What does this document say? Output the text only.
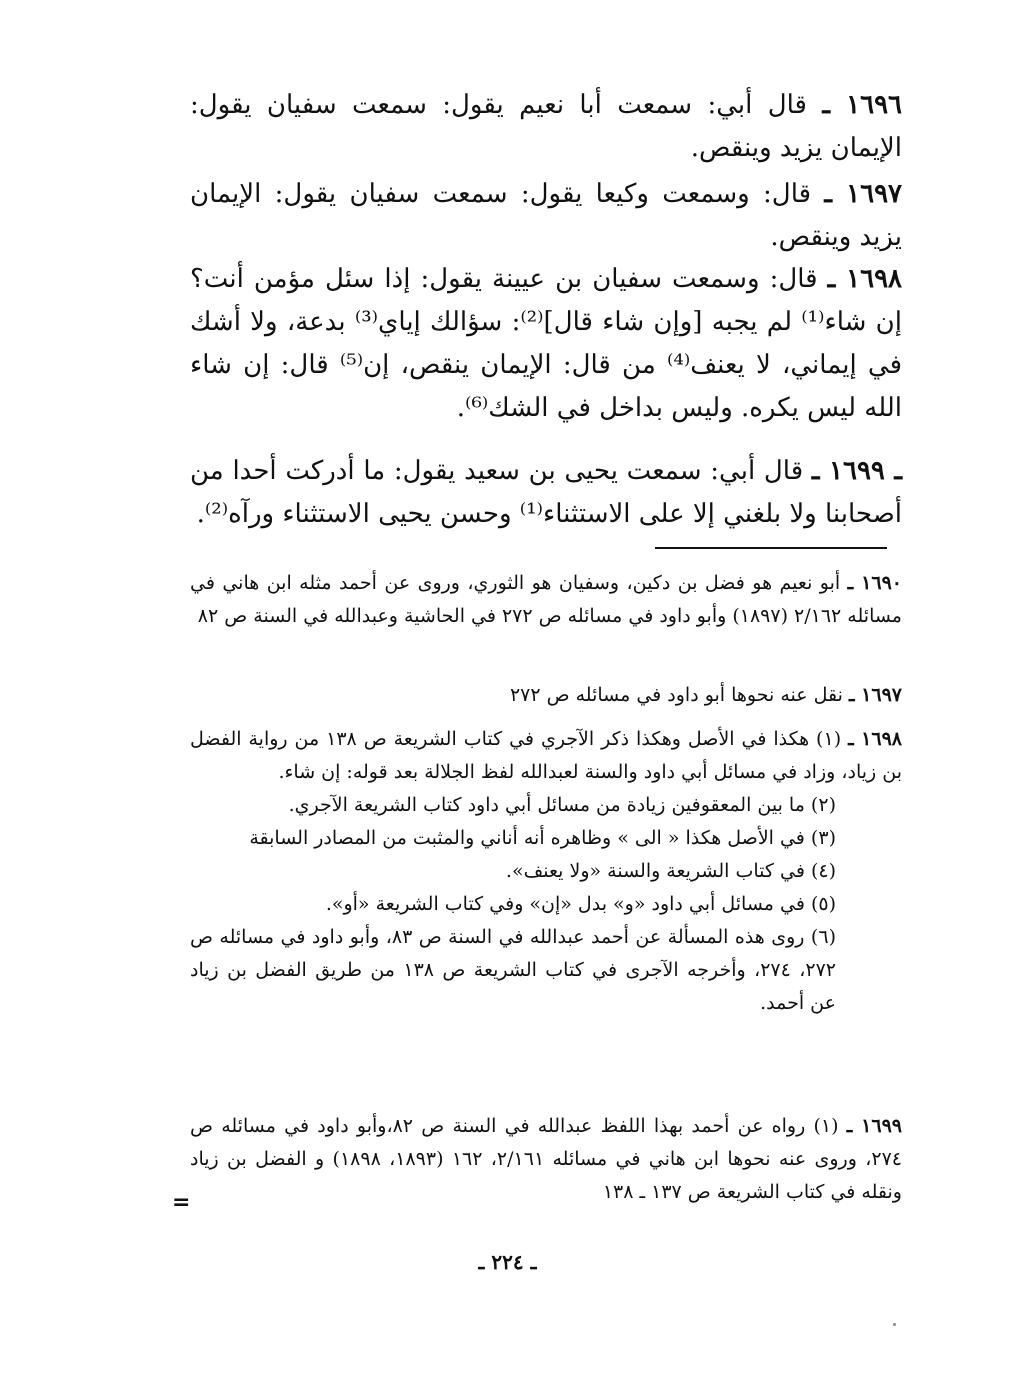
١٦٩٦ ـ قال أبي: سمعت أبا نعيم يقول: سمعت سفيان يقول: الإيمان يزيد وينقص.
١٦٩٧ ـ قال: وسمعت وكيعا يقول: سمعت سفيان يقول: الإيمان يزيد وينقص.
١٦٩٨ ـ قال: وسمعت سفيان بن عيينة يقول: إذا سئل مؤمن أنت؟ إن شاء⁽¹⁾ لم يجبه [وإن شاء قال]⁽²⁾: سؤالك إياي⁽³⁾ بدعة، ولا أشك في إيماني، لا يعنف⁽⁴⁾ من قال: الإيمان ينقص، إن⁽⁵⁾ قال: إن شاء الله ليس يكره. وليس بداخل في الشك⁽⁶⁾.
ـ ١٦٩٩ ـ قال أبي: سمعت يحيى بن سعيد يقول: ما أدركت أحدا من أصحابنا ولا بلغني إلا على الاستثناء⁽¹⁾ وحسن يحيى الاستثناء ورآه⁽²⁾.
١٦٩٠ ـ أبو نعيم هو فضل بن دكين، وسفيان هو الثوري، وروى عن أحمد مثله ابن هاني في مسائله ٢/١٦٢ (١٨٩٧) وأبو داود في مسائله ص ٢٧٢ في الحاشية وعبدالله في السنة ص ٨٢
١٦٩٧ ـ نقل عنه نحوها أبو داود في مسائله ص ٢٧٢
١٦٩٨ ـ (١) هكذا في الأصل وهكذا ذكر الآجري في كتاب الشريعة ص ١٣٨ من رواية الفضل بن زياد، وزاد في مسائل أبي داود والسنة لعبدالله لفظ الجلالة بعد قوله: إن شاء.
(٢) ما بين المعقوفين زيادة من مسائل أبي داود كتاب الشريعة الآجري.
(٣) في الأصل هكذا « الى » وظاهره أنه أناني والمثبت من المصادر السابقة
(٤) في كتاب الشريعة والسنة «ولا يعنف».
(٥) في مسائل أبي داود «و» بدل «إن» وفي كتاب الشريعة «أو».
(٦) روى هذه المسألة عن أحمد عبدالله في السنة ص ٨٣، وأبو داود في مسائله ص ٢٧٢، ٢٧٤، وأخرجه الآجرى في كتاب الشريعة ص ١٣٨ من طريق الفضل بن زياد عن أحمد.
١٦٩٩ ـ (١) رواه عن أحمد بهذا اللفظ عبدالله في السنة ص ٨٢،وأبو داود في مسائله ص ٢٧٤، وروى عنه نحوها ابن هاني في مسائله ٢/١٦١، ١٦٢ (١٨٩٣، ١٨٩٨) و الفضل بن زياد ونقله في كتاب الشريعة ص ١٣٧ ـ ١٣٨
=
ـ ٢٢٤ ـ
